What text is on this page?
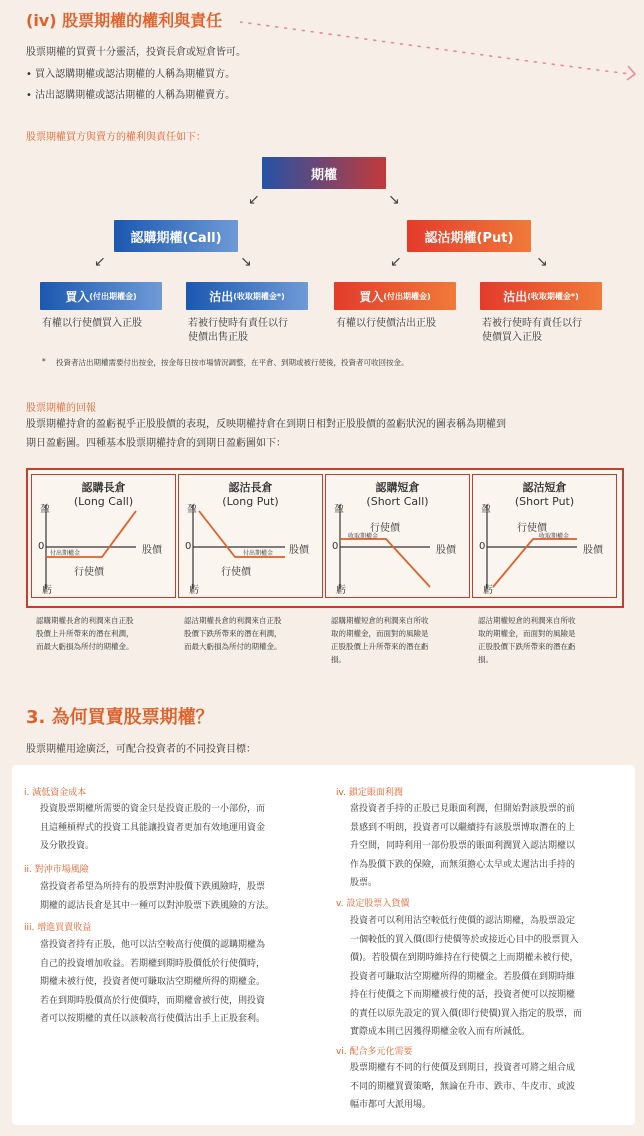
(iv) 股票期權的權利與責任
股票期權的買賣十分靈活，投資長倉或短倉皆可。
• 買入認購期權或認沽期權的人稱為期權買方。
• 沽出認購期權或認沽期權的人稱為期權賣方。
股票期權買方與賣方的權利與責任如下：
期權
↙	↘
認購期權(Call)	認沽期權(Put)
↙	↘	↙	↘
買入 (付出期權金)	沽出 (收取期權金*)	買入 (付出期權金)	沽出 (收取期權金*)
有權以行使價買入正股	若被行使時有責任以行
使價出售正股
有權以行使價沽出正股	若被行使時有責任以行
使價買入正股
* 投資者沽出期權需要付出按金，按金每日按市場情況調整，在平倉、到期或被行使後，投資者可收回按金。
股票期權的回報
股票期權持倉的盈虧視乎正股股價的表現，反映期權持倉在到期日相對正股股價的盈虧狀況的圖表稱為期權到
期日盈虧圖。四種基本股票期權持倉的到期日盈虧圖如下：
認購長倉
(Long Call)
盈
0
虧
股價
行使價
付出期權金
認購期權長倉的利潤來自正股
股價上升所帶來的潛在利潤，
而最大虧損為所付的期權金。
認沽長倉
(Long Put)
盈
0
虧
股價
行使價
付出期權金
認沽期權長倉的利潤來自正股
股價下跌所帶來的潛在利潤，
而最大虧損為所付的期權金。
認購短倉
(Short Call)
盈
0
虧
股價
行使價
收取期權金
認購期權短倉的利潤來自所收
取的期權金，而面對的風險是
正股股價上升所帶來的潛在虧
損。
認沽短倉
(Short Put)
盈
0
虧
股價
行使價
收取期權金
認沽期權短倉的利潤來自所收
取的期權金，而面對的風險是
正股股價下跌所帶來的潛在虧
損。
3. 為何買賣股票期權？
股票期權用途廣泛，可配合投資者的不同投資目標：
i. 減低資金成本
投資股票期權所需要的資金只是投資正股的一小部份，而
且這種槓桿式的投資工具能讓投資者更加有效地運用資金
及分散投資。
ii. 對沖市場風險
當投資者希望為所持有的股票對沖股價下跌風險時，股票
期權的認沽長倉是其中一種可以對沖股票下跌風險的方法。
iii. 增進買賣收益
當投資者持有正股，他可以沽空較高行使價的認購期權為
自己的投資增加收益。若期權到期時股價低於行使價時，
期權未被行使，投資者便可賺取沽空期權所得的期權金。
若在到期時股價高於行使價時，而期權會被行使，則投資
者可以按期權的責任以該較高行使價沽出手上正股套利。
iv. 鎖定賬面利潤
當投資者手持的正股已見賬面利潤，但開始對該股票的前
景感到不明朗，投資者可以繼續持有該股票博取潛在的上
升空間，同時利用一部份股票的賬面利潤買入認沽期權以
作為股價下跌的保險，而無須擔心太早或太遲沽出手持的
股票。
v. 設定股票入貨價
投資者可以利用沽空較低行使價的認沽期權，為股票設定
一個較低的買入價(即行使價等於或接近心目中的股票買入
價)。若股價在到期時維持在行使價之上而期權未被行使，
投資者可賺取沽空期權所得的期權金。若股價在到期時維
持在行使價之下而期權被行使的話，投資者便可以按期權
的責任以原先設定的買入價(即行使價)買入指定的股票，而
實際成本則已因獲得期權金收入而有所減低。
vi. 配合多元化需要
股票期權有不同的行使價及到期日，投資者可將之組合成
不同的期權買賣策略，無論在升市、跌市、牛皮市、或波
幅市都可大派用場。
